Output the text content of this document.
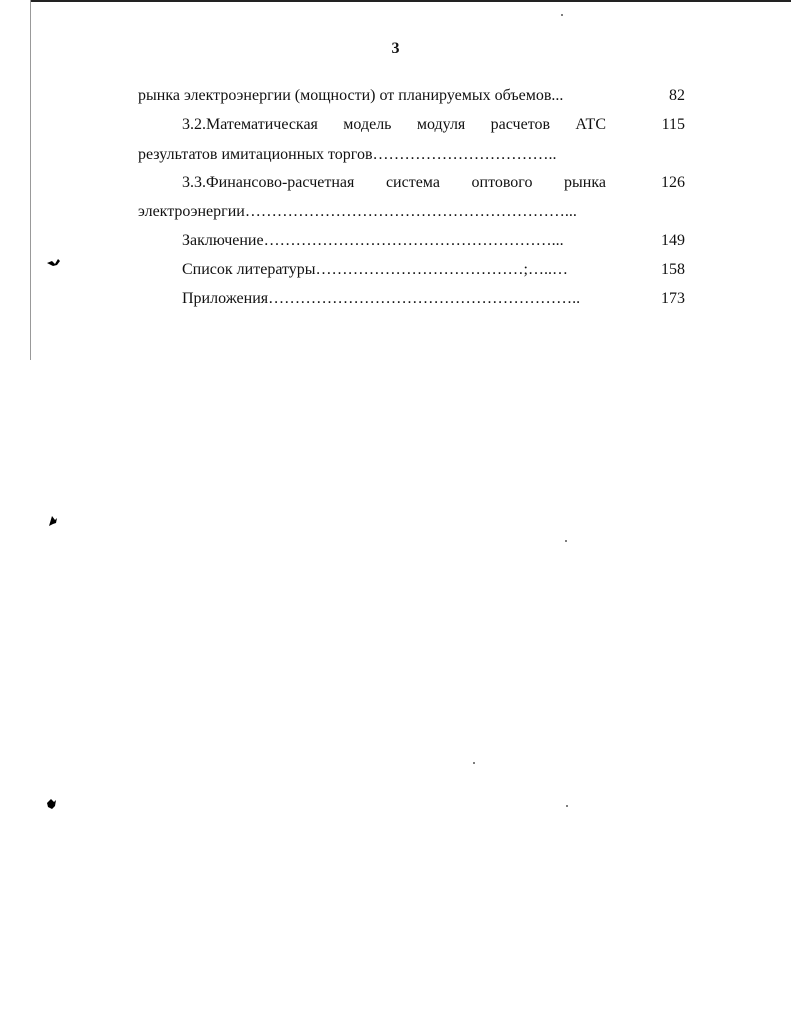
3
рынка электроэнергии (мощности) от планируемых объемов...	82
3.2.Математическая модель модуля расчетов АТС	115
результатов имитационных торгов……………………………..
3.3.Финансово-расчетная система оптового рынка	126
электроэнергии……………………………………………………...
Заключение………………………………………………...	149
Список литературы…………………………………;…..…	158
Приложения…………………………………………………..	173
